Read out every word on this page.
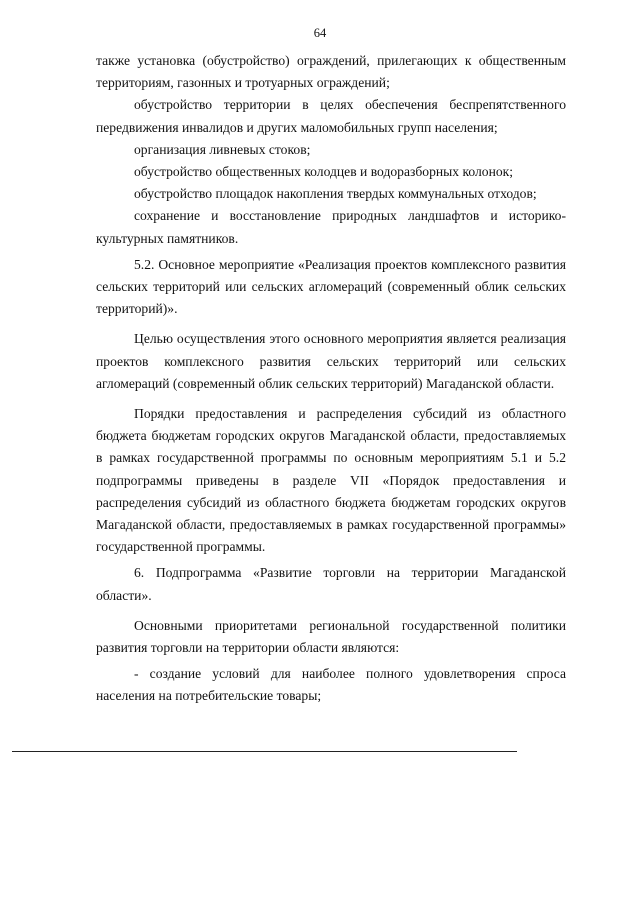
64

также установка (обустройство) ограждений, прилегающих к общественным территориям, газонных и тротуарных ограждений;

обустройство территории в целях обеспечения беспрепятственного передвижения инвалидов и других маломобильных групп населения;

организация ливневых стоков;

обустройство общественных колодцев и водоразборных колонок;

обустройство площадок накопления твердых коммунальных отходов;

сохранение и восстановление природных ландшафтов и историко-культурных памятников.

5.2. Основное мероприятие «Реализация проектов комплексного развития сельских территорий или сельских агломераций (современный облик сельских территорий)».

Целью осуществления этого основного мероприятия является реализация проектов комплексного развития сельских территорий или сельских агломераций (современный облик сельских территорий) Магаданской области.

Порядки предоставления и распределения субсидий из областного бюджета бюджетам городских округов Магаданской области, предоставляемых в рамках государственной программы по основным мероприятиям 5.1 и 5.2 подпрограммы приведены в разделе VII «Порядок предоставления и распределения субсидий из областного бюджета бюджетам городских округов Магаданской области, предоставляемых в рамках государственной программы» государственной программы.

6. Подпрограмма «Развитие торговли на территории Магаданской области».

Основными приоритетами региональной государственной политики развития торговли на территории области являются:

- создание условий для наиболее полного удовлетворения спроса населения на потребительские товары;
